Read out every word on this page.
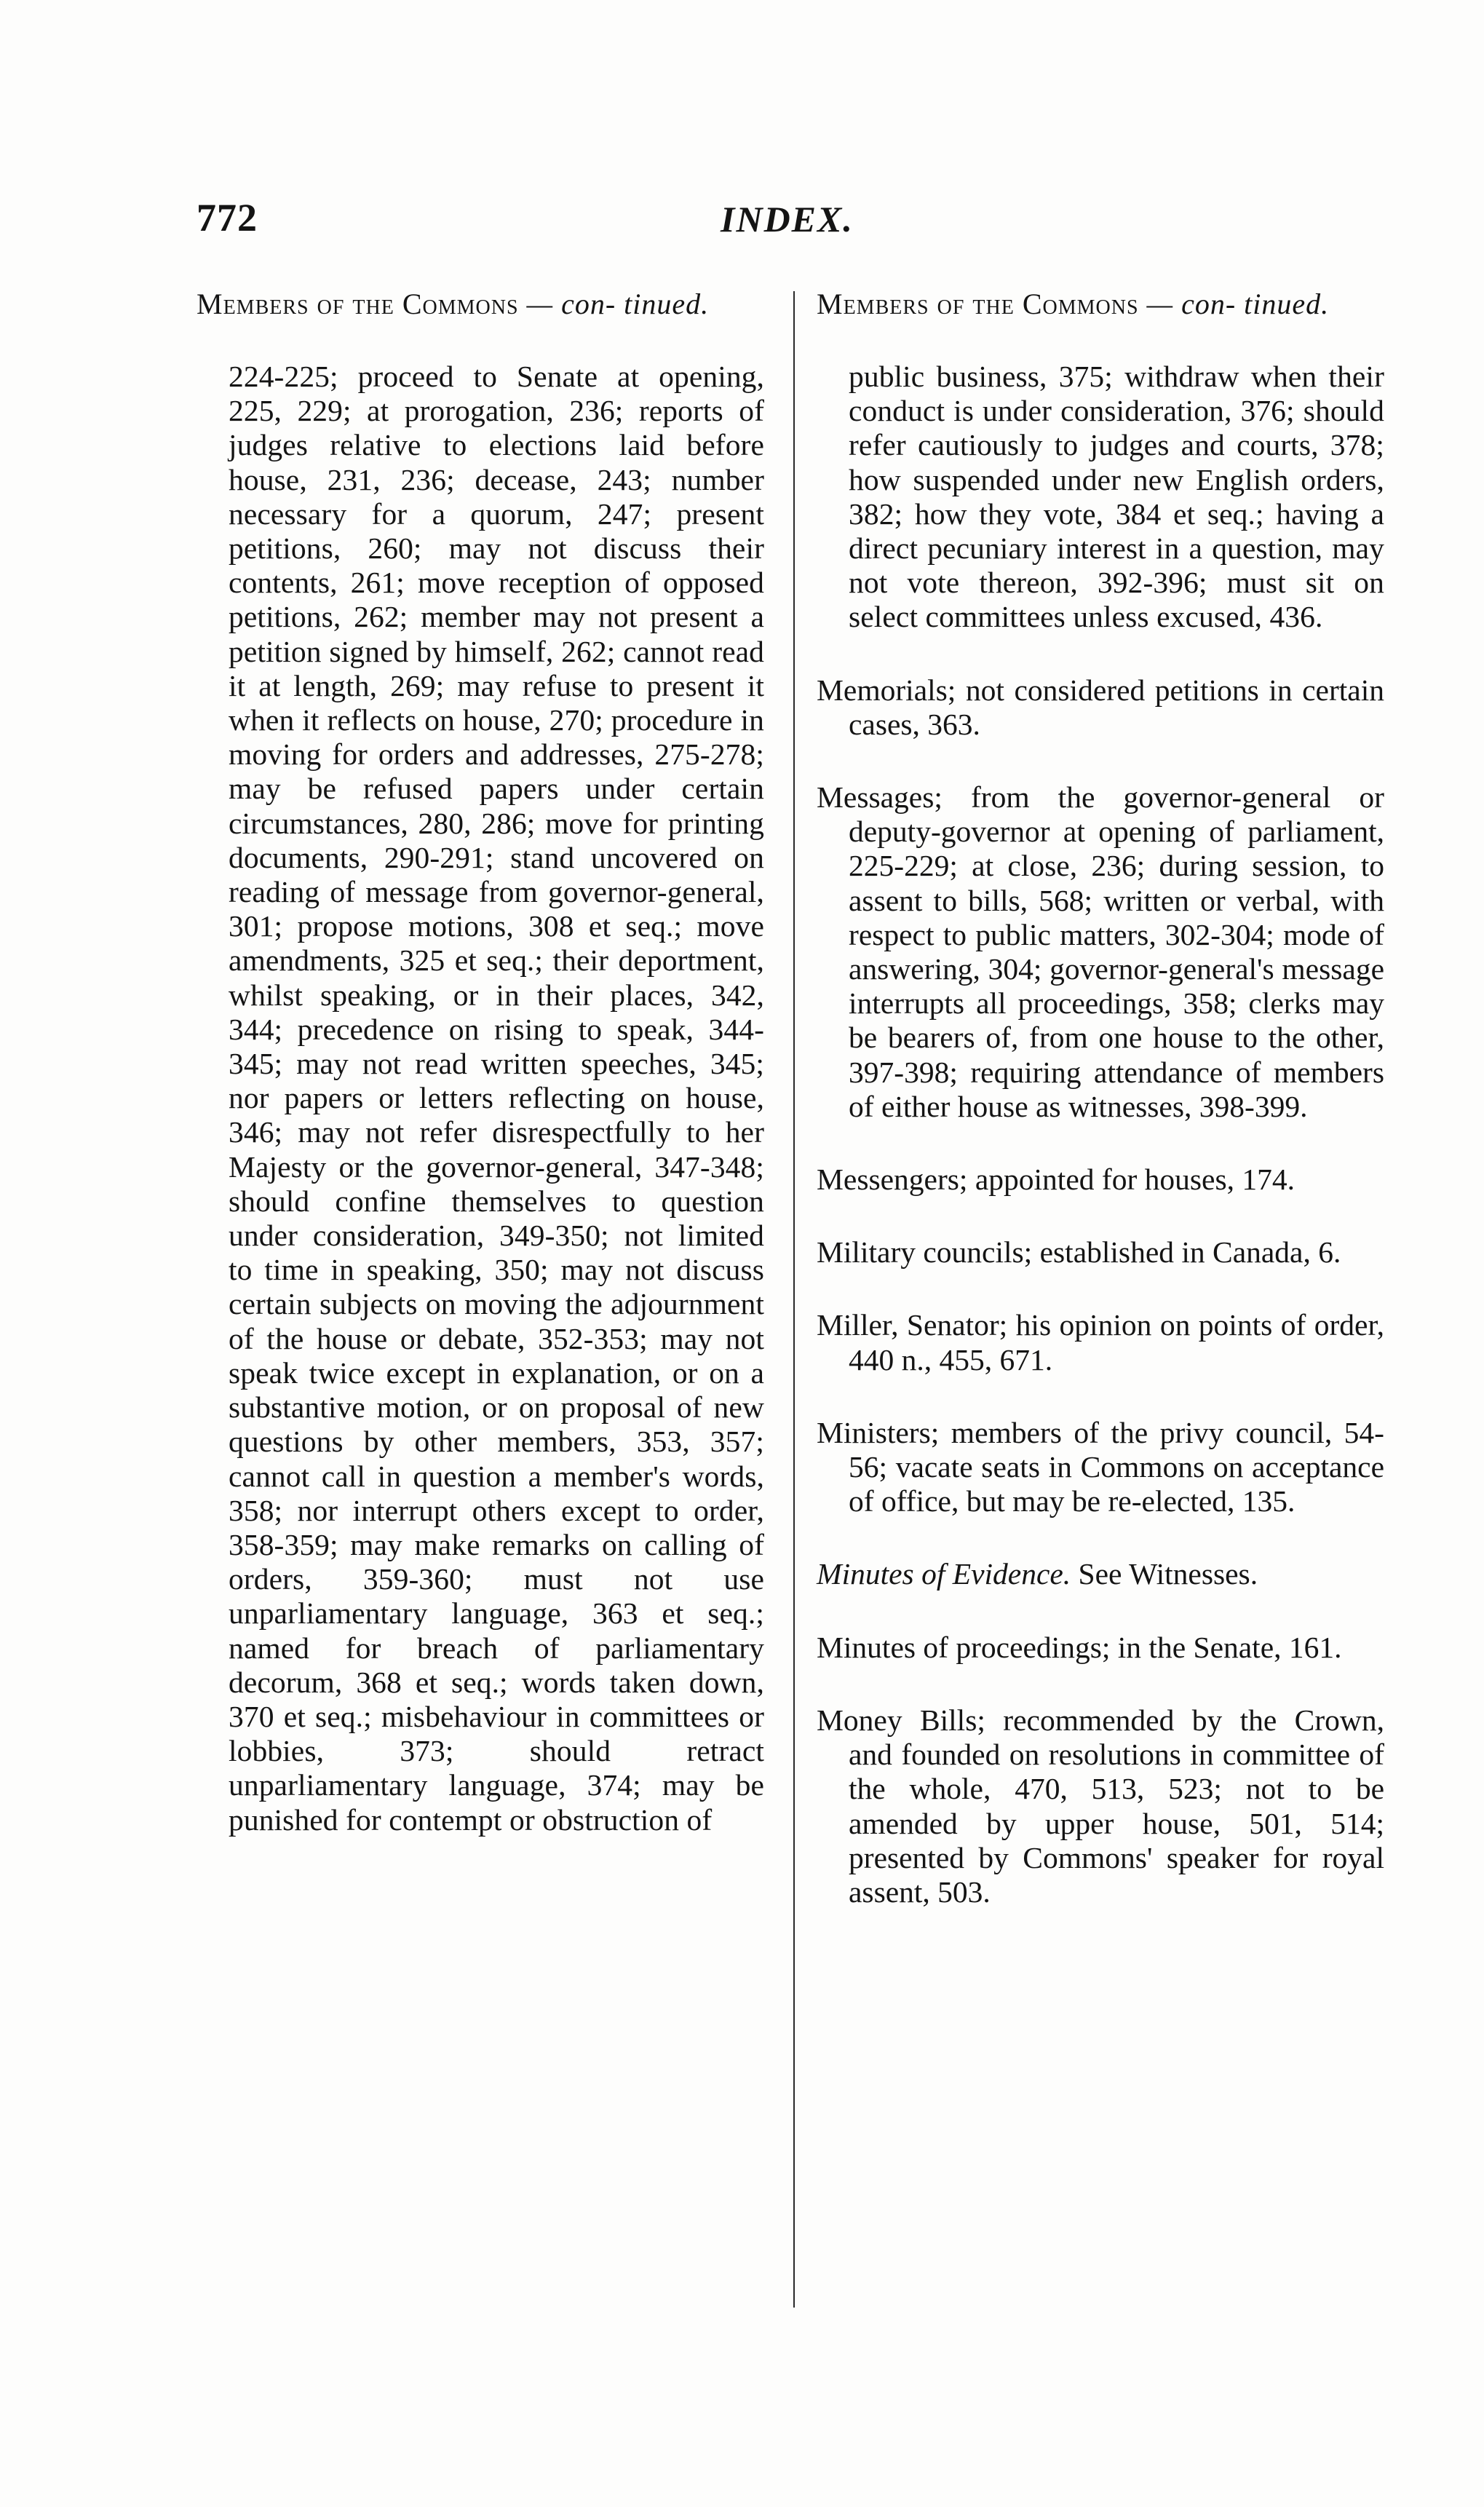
772	INDEX.

Members of the Commons — con- tinued.

224-225; proceed to Senate at opening, 225, 229; at prorogation, 236; reports of judges relative to elections laid before house, 231, 236; decease, 243; number necessary for a quorum, 247; present petitions, 260; may not discuss their contents, 261; move reception of opposed petitions, 262; member may not present a petition signed by himself, 262; cannot read it at length, 269; may refuse to present it when it reflects on house, 270; procedure in moving for orders and addresses, 275-278; may be refused papers under certain circumstances, 280, 286; move for printing documents, 290-291; stand uncovered on reading of message from governor-general, 301; propose motions, 308 et seq.; move amendments, 325 et seq.; their deportment, whilst speaking, or in their places, 342, 344; precedence on rising to speak, 344-345; may not read written speeches, 345; nor papers or letters reflecting on house, 346; may not refer disrespectfully to her Majesty or the governor-general, 347-348; should confine themselves to question under consideration, 349-350; not limited to time in speaking, 350; may not discuss certain subjects on moving the adjournment of the house or debate, 352-353; may not speak twice except in explanation, or on a substantive motion, or on proposal of new questions by other members, 353, 357; cannot call in question a member's words, 358; nor interrupt others except to order, 358-359; may make remarks on calling of orders, 359-360; must not use unparliamentary language, 363 et seq.; named for breach of parliamentary decorum, 368 et seq.; words taken down, 370 et seq.; misbehaviour in committees or lobbies, 373; should retract unparliamentary language, 374; may be punished for contempt or obstruction of

Members of the Commons — con- tinued.

public business, 375; withdraw when their conduct is under consideration, 376; should refer cautiously to judges and courts, 378; how suspended under new English orders, 382; how they vote, 384 et seq.; having a direct pecuniary interest in a question, may not vote thereon, 392-396; must sit on select committees unless excused, 436.

Memorials; not considered petitions in certain cases, 363.

Messages; from the governor-general or deputy-governor at opening of parliament, 225-229; at close, 236; during session, to assent to bills, 568; written or verbal, with respect to public matters, 302-304; mode of answering, 304; governor-general's message interrupts all proceedings, 358; clerks may be bearers of, from one house to the other, 397-398; requiring attendance of members of either house as witnesses, 398-399.

Messengers; appointed for houses, 174.

Military councils; established in Canada, 6.

Miller, Senator; his opinion on points of order, 440 n., 455, 671.

Ministers; members of the privy council, 54-56; vacate seats in Commons on acceptance of office, but may be re-elected, 135.

Minutes of Evidence. See Witnesses.

Minutes of proceedings; in the Senate, 161.

Money Bills; recommended by the Crown, and founded on resolutions in committee of the whole, 470, 513, 523; not to be amended by upper house, 501, 514; presented by Commons' speaker for royal assent, 503.
